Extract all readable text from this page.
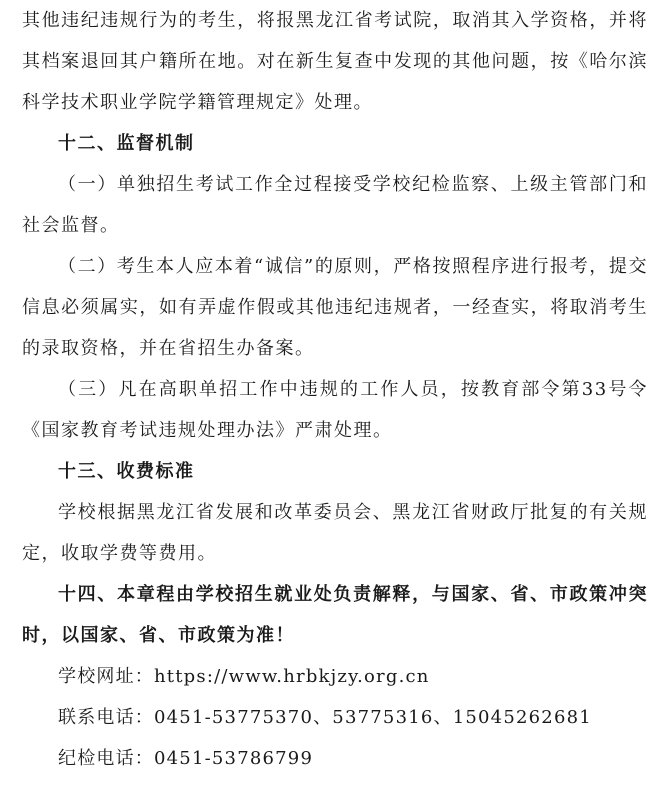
其他违纪违规行为的考生，将报黑龙江省考试院，取消其入学资格，并将其档案退回其户籍所在地。对在新生复查中发现的其他问题，按《哈尔滨科学技术职业学院学籍管理规定》处理。

十二、监督机制

（一）单独招生考试工作全过程接受学校纪检监察、上级主管部门和社会监督。

（二）考生本人应本着“诚信”的原则，严格按照程序进行报考，提交信息必须属实，如有弄虚作假或其他违纪违规者，一经查实，将取消考生的录取资格，并在省招生办备案。

（三）凡在高职单招工作中违规的工作人员，按教育部令第33号令《国家教育考试违规处理办法》严肃处理。

十三、收费标准

学校根据黑龙江省发展和改革委员会、黑龙江省财政厅批复的有关规定，收取学费等费用。

十四、本章程由学校招生就业处负责解释，与国家、省、市政策冲突时，以国家、省、市政策为准！

学校网址：https://www.hrbkjzy.org.cn

联系电话：0451-53775370、53775316、15045262681

纪检电话：0451-53786799
